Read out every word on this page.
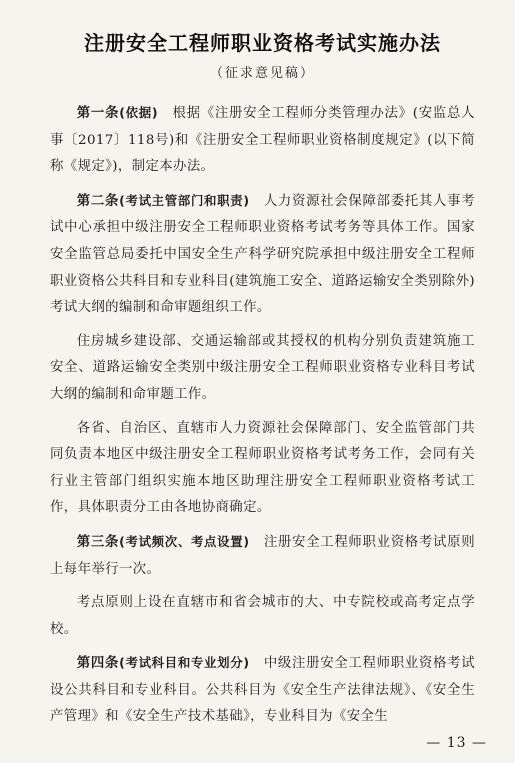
注册安全工程师职业资格考试实施办法
（征求意见稿）

第一条(依据)　根据《注册安全工程师分类管理办法》(安监总人事〔2017〕118号)和《注册安全工程师职业资格制度规定》(以下简称《规定》)，制定本办法。

第二条(考试主管部门和职责)　人力资源社会保障部委托其人事考试中心承担中级注册安全工程师职业资格考试考务等具体工作。国家安全监管总局委托中国安全生产科学研究院承担中级注册安全工程师职业资格公共科目和专业科目(建筑施工安全、道路运输安全类别除外)考试大纲的编制和命审题组织工作。

住房城乡建设部、交通运输部或其授权的机构分别负责建筑施工安全、道路运输安全类别中级注册安全工程师职业资格专业科目考试大纲的编制和命审题工作。

各省、自治区、直辖市人力资源社会保障部门、安全监管部门共同负责本地区中级注册安全工程师职业资格考试考务工作，会同有关行业主管部门组织实施本地区助理注册安全工程师职业资格考试工作，具体职责分工由各地协商确定。

第三条(考试频次、考点设置)　注册安全工程师职业资格考试原则上每年举行一次。

考点原则上设在直辖市和省会城市的大、中专院校或高考定点学校。

第四条(考试科目和专业划分)　中级注册安全工程师职业资格考试设公共科目和专业科目。公共科目为《安全生产法律法规》、《安全生产管理》和《安全生产技术基础》，专业科目为《安全生

— 13 —
